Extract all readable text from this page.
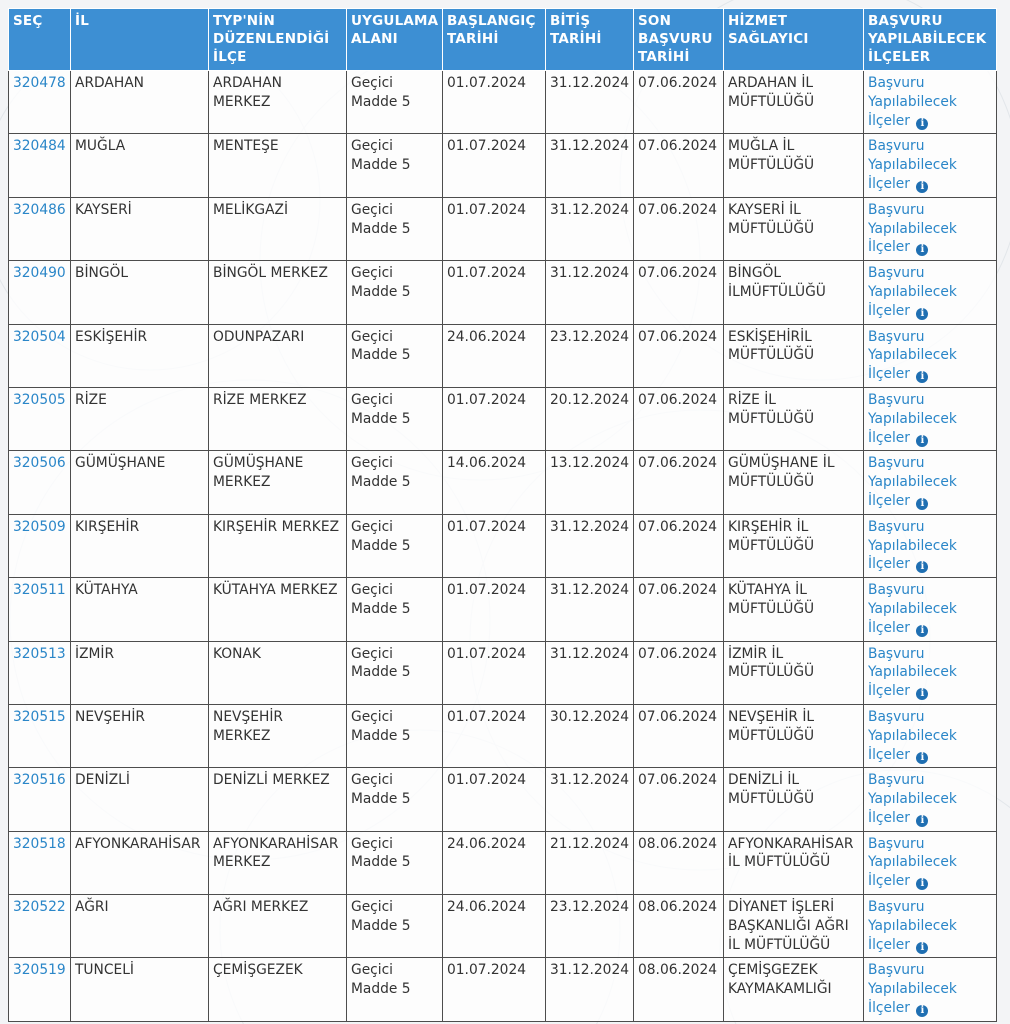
SEÇ	İL	TYP'NİN DÜZENLENDİĞİ İLÇE	UYGULAMA ALANI	BAŞLANGIÇ TARİHİ	BİTİŞ TARİHİ	SON BAŞVURU TARİHİ	HİZMET SAĞLAYICI	BAŞVURU YAPILABİLECEK İLÇELER
320478	ARDAHAN	ARDAHAN MERKEZ	Geçici Madde 5	01.07.2024	31.12.2024	07.06.2024	ARDAHAN İL MÜFTÜLÜĞÜ	Başvuru Yapılabilecek İlçeler i
320484	MUĞLA	MENTEŞE	Geçici Madde 5	01.07.2024	31.12.2024	07.06.2024	MUĞLA İL MÜFTÜLÜĞÜ	Başvuru Yapılabilecek İlçeler i
320486	KAYSERİ	MELİKGAZİ	Geçici Madde 5	01.07.2024	31.12.2024	07.06.2024	KAYSERİ İL MÜFTÜLÜĞÜ	Başvuru Yapılabilecek İlçeler i
320490	BİNGÖL	BİNGÖL MERKEZ	Geçici Madde 5	01.07.2024	31.12.2024	07.06.2024	BİNGÖL İLMÜFTÜLÜĞÜ	Başvuru Yapılabilecek İlçeler i
320504	ESKİŞEHİR	ODUNPAZARI	Geçici Madde 5	24.06.2024	23.12.2024	07.06.2024	ESKİŞEHİRİL MÜFTÜLÜĞÜ	Başvuru Yapılabilecek İlçeler i
320505	RİZE	RİZE MERKEZ	Geçici Madde 5	01.07.2024	20.12.2024	07.06.2024	RİZE İL MÜFTÜLÜĞÜ	Başvuru Yapılabilecek İlçeler i
320506	GÜMÜŞHANE	GÜMÜŞHANE MERKEZ	Geçici Madde 5	14.06.2024	13.12.2024	07.06.2024	GÜMÜŞHANE İL MÜFTÜLÜĞÜ	Başvuru Yapılabilecek İlçeler i
320509	KIRŞEHİR	KIRŞEHİR MERKEZ	Geçici Madde 5	01.07.2024	31.12.2024	07.06.2024	KIRŞEHİR İL MÜFTÜLÜĞÜ	Başvuru Yapılabilecek İlçeler i
320511	KÜTAHYA	KÜTAHYA MERKEZ	Geçici Madde 5	01.07.2024	31.12.2024	07.06.2024	KÜTAHYA İL MÜFTÜLÜĞÜ	Başvuru Yapılabilecek İlçeler i
320513	İZMİR	KONAK	Geçici Madde 5	01.07.2024	31.12.2024	07.06.2024	İZMİR İL MÜFTÜLÜĞÜ	Başvuru Yapılabilecek İlçeler i
320515	NEVŞEHİR	NEVŞEHİR MERKEZ	Geçici Madde 5	01.07.2024	30.12.2024	07.06.2024	NEVŞEHİR İL MÜFTÜLÜĞÜ	Başvuru Yapılabilecek İlçeler i
320516	DENİZLİ	DENİZLİ MERKEZ	Geçici Madde 5	01.07.2024	31.12.2024	07.06.2024	DENİZLİ İL MÜFTÜLÜĞÜ	Başvuru Yapılabilecek İlçeler i
320518	AFYONKARAHİSAR	AFYONKARAHİSAR MERKEZ	Geçici Madde 5	24.06.2024	21.12.2024	08.06.2024	AFYONKARAHİSAR İL MÜFTÜLÜĞÜ	Başvuru Yapılabilecek İlçeler i
320522	AĞRI	AĞRI MERKEZ	Geçici Madde 5	24.06.2024	23.12.2024	08.06.2024	DİYANET İŞLERİ BAŞKANLIĞI AĞRI İL MÜFTÜLÜĞÜ	Başvuru Yapılabilecek İlçeler i
320519	TUNCELİ	ÇEMİŞGEZEK	Geçici Madde 5	01.07.2024	31.12.2024	08.06.2024	ÇEMİŞGEZEK KAYMAKAMLIĞI	Başvuru Yapılabilecek İlçeler i
